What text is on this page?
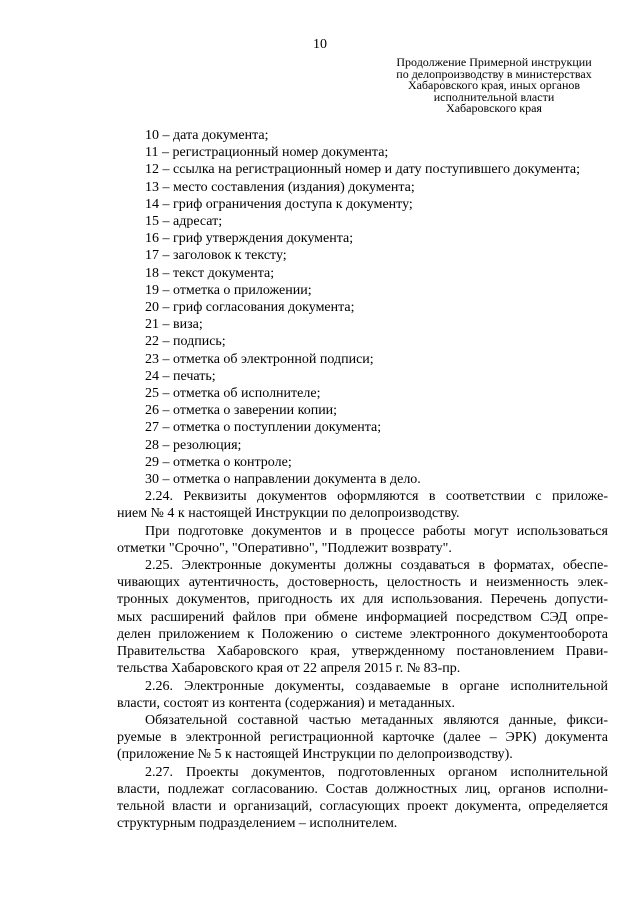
10
Продолжение Примерной инструкции
по делопроизводству в министерствах
Хабаровского края, иных органов
исполнительной власти
Хабаровского края
10 – дата документа;
11 – регистрационный номер документа;
12 – ссылка на регистрационный номер и дату поступившего документа;
13 – место составления (издания) документа;
14 – гриф ограничения доступа к документу;
15 – адресат;
16 – гриф утверждения документа;
17 – заголовок к тексту;
18 – текст документа;
19 – отметка о приложении;
20 – гриф согласования документа;
21 – виза;
22 – подпись;
23 – отметка об электронной подписи;
24 – печать;
25 – отметка об исполнителе;
26 – отметка о заверении копии;
27 – отметка о поступлении документа;
28 – резолюция;
29 – отметка о контроле;
30 – отметка о направлении документа в дело.
2.24. Реквизиты документов оформляются в соответствии с приложе-
нием № 4 к настоящей Инструкции по делопроизводству.
При подготовке документов и в процессе работы могут использоваться
отметки "Срочно", "Оперативно", "Подлежит возврату".
2.25. Электронные документы должны создаваться в форматах, обеспе-
чивающих аутентичность, достоверность, целостность и неизменность элек-
тронных документов, пригодность их для использования. Перечень допусти-
мых расширений файлов при обмене информацией посредством СЭД опре-
делен приложением к Положению о системе электронного документооборота
Правительства Хабаровского края, утвержденному постановлением Прави-
тельства Хабаровского края от 22 апреля 2015 г. № 83-пр.
2.26. Электронные документы, создаваемые в органе исполнительной
власти, состоят из контента (содержания) и метаданных.
Обязательной составной частью метаданных являются данные, фикси-
руемые в электронной регистрационной карточке (далее – ЭРК) документа
(приложение № 5 к настоящей Инструкции по делопроизводству).
2.27. Проекты документов, подготовленных органом исполнительной
власти, подлежат согласованию. Состав должностных лиц, органов исполни-
тельной власти и организаций, согласующих проект документа, определяется
структурным подразделением – исполнителем.
